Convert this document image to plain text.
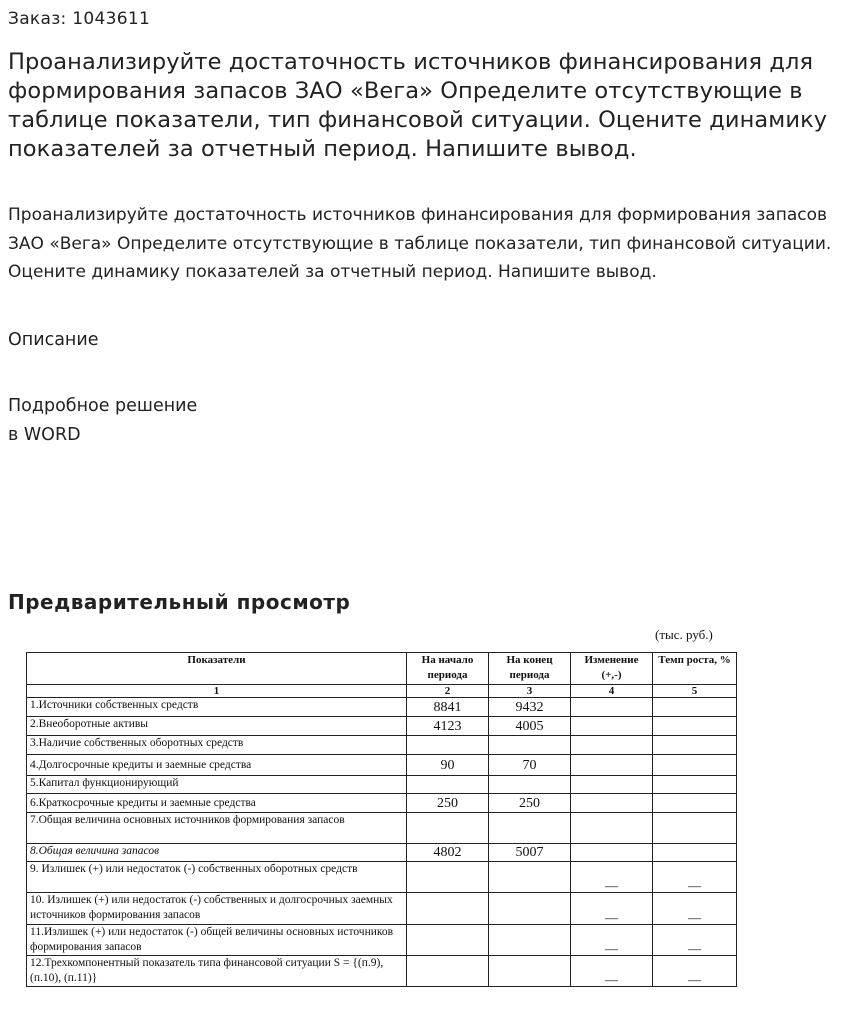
Заказ: 1043611
Проанализируйте достаточность источников финансирования для формирования запасов ЗАО «Вега» Определите отсутствующие в таблице показатели, тип финансовой ситуации. Оцените динамику показателей за отчетный период. Напишите вывод.

Проанализируйте достаточность источников финансирования для формирования запасов ЗАО «Вега» Определите отсутствующие в таблице показатели, тип финансовой ситуации. Оцените динамику показателей за отчетный период. Напишите вывод.

Описание
Подробное решение
в WORD
Предварительный просмотр
(тыс. руб.)
Показатели	На начало периода	На конец периода	Изменение (+,-)	Темп роста, %
1	2	3	4	5
1.Источники собственных средств	8841	9432		
2.Внеоборотные активы	4123	4005		
3.Наличие собственных оборотных средств				
4.Долгосрочные кредиты и заемные средства	90	70		
5.Капитал функционирующий				
6.Краткосрочные кредиты и заемные средства	250	250		
7.Общая величина основных источников формирования запасов				
8.Общая величина запасов	4802	5007		
9. Излишек (+) или недостаток (-) собственных оборотных средств			—	—
10. Излишек (+) или недостаток (-) собственных и долгосрочных заемных источников формирования запасов			—	—
11.Излишек (+) или недостаток (-) общей величины основных источников формирования запасов			—	—
12.Трехкомпонентный показатель типа финансовой ситуации S = {(п.9), (п.10), (п.11)}			—	—
